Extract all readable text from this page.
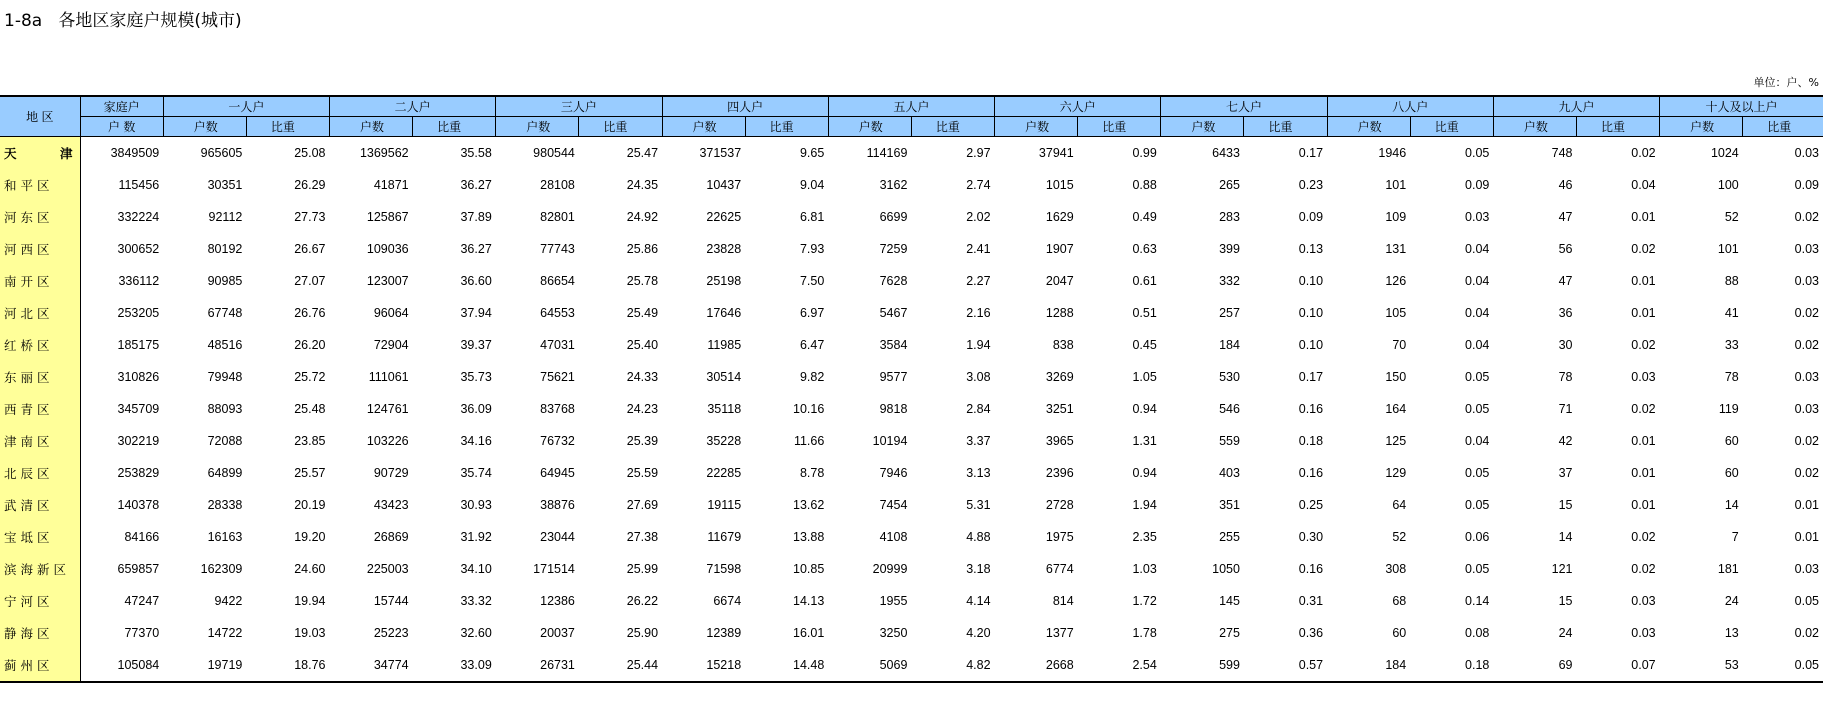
1-8a   各地区家庭户规模(城市)
单位：户、%
地 区	家庭户	一人户		二人户		三人户		四人户		五人户		六人户		七人户		八人户		九人户		十人及以上户	
	户 数	户数	比重	户数	比重	户数	比重	户数	比重	户数	比重	户数	比重	户数	比重	户数	比重	户数	比重	户数	比重
天 津	3849509	965605	25.08	1369562	35.58	980544	25.47	371537	9.65	114169	2.97	37941	0.99	6433	0.17	1946	0.05	748	0.02	1024	0.03
和平区	115456	30351	26.29	41871	36.27	28108	24.35	10437	9.04	3162	2.74	1015	0.88	265	0.23	101	0.09	46	0.04	100	0.09
河东区	332224	92112	27.73	125867	37.89	82801	24.92	22625	6.81	6699	2.02	1629	0.49	283	0.09	109	0.03	47	0.01	52	0.02
河西区	300652	80192	26.67	109036	36.27	77743	25.86	23828	7.93	7259	2.41	1907	0.63	399	0.13	131	0.04	56	0.02	101	0.03
南开区	336112	90985	27.07	123007	36.60	86654	25.78	25198	7.50	7628	2.27	2047	0.61	332	0.10	126	0.04	47	0.01	88	0.03
河北区	253205	67748	26.76	96064	37.94	64553	25.49	17646	6.97	5467	2.16	1288	0.51	257	0.10	105	0.04	36	0.01	41	0.02
红桥区	185175	48516	26.20	72904	39.37	47031	25.40	11985	6.47	3584	1.94	838	0.45	184	0.10	70	0.04	30	0.02	33	0.02
东丽区	310826	79948	25.72	111061	35.73	75621	24.33	30514	9.82	9577	3.08	3269	1.05	530	0.17	150	0.05	78	0.03	78	0.03
西青区	345709	88093	25.48	124761	36.09	83768	24.23	35118	10.16	9818	2.84	3251	0.94	546	0.16	164	0.05	71	0.02	119	0.03
津南区	302219	72088	23.85	103226	34.16	76732	25.39	35228	11.66	10194	3.37	3965	1.31	559	0.18	125	0.04	42	0.01	60	0.02
北辰区	253829	64899	25.57	90729	35.74	64945	25.59	22285	8.78	7946	3.13	2396	0.94	403	0.16	129	0.05	37	0.01	60	0.02
武清区	140378	28338	20.19	43423	30.93	38876	27.69	19115	13.62	7454	5.31	2728	1.94	351	0.25	64	0.05	15	0.01	14	0.01
宝坻区	84166	16163	19.20	26869	31.92	23044	27.38	11679	13.88	4108	4.88	1975	2.35	255	0.30	52	0.06	14	0.02	7	0.01
滨海新区	659857	162309	24.60	225003	34.10	171514	25.99	71598	10.85	20999	3.18	6774	1.03	1050	0.16	308	0.05	121	0.02	181	0.03
宁河区	47247	9422	19.94	15744	33.32	12386	26.22	6674	14.13	1955	4.14	814	1.72	145	0.31	68	0.14	15	0.03	24	0.05
静海区	77370	14722	19.03	25223	32.60	20037	25.90	12389	16.01	3250	4.20	1377	1.78	275	0.36	60	0.08	24	0.03	13	0.02
蓟州区	105084	19719	18.76	34774	33.09	26731	25.44	15218	14.48	5069	4.82	2668	2.54	599	0.57	184	0.18	69	0.07	53	0.05
